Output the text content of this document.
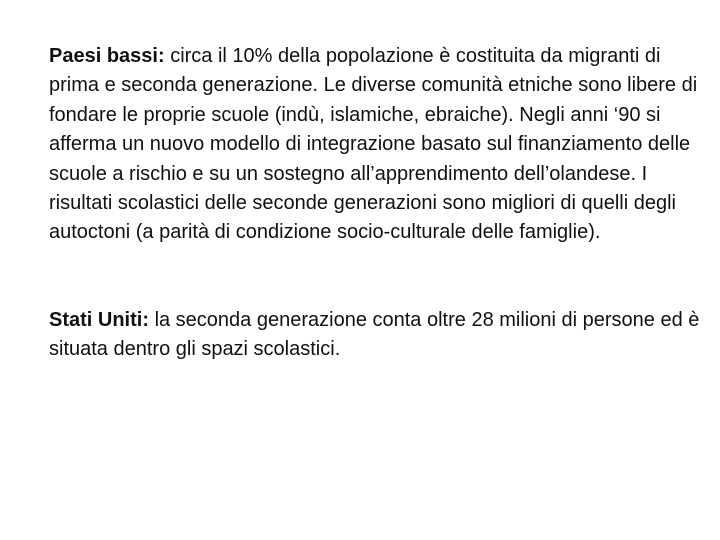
Paesi bassi: circa il 10% della popolazione è costituita da migranti di prima e seconda generazione. Le diverse comunità etniche sono libere di fondare le proprie scuole (indù, islamiche, ebraiche). Negli anni ‘90 si afferma un nuovo modello di integrazione basato sul finanziamento delle scuole a rischio e su un sostegno all’apprendimento dell’olandese. I risultati scolastici delle seconde generazioni sono migliori di quelli degli autoctoni (a parità di condizione socio-culturale delle famiglie).

Stati Uniti: la seconda generazione conta oltre 28 milioni di persone ed è situata dentro gli spazi scolastici.
